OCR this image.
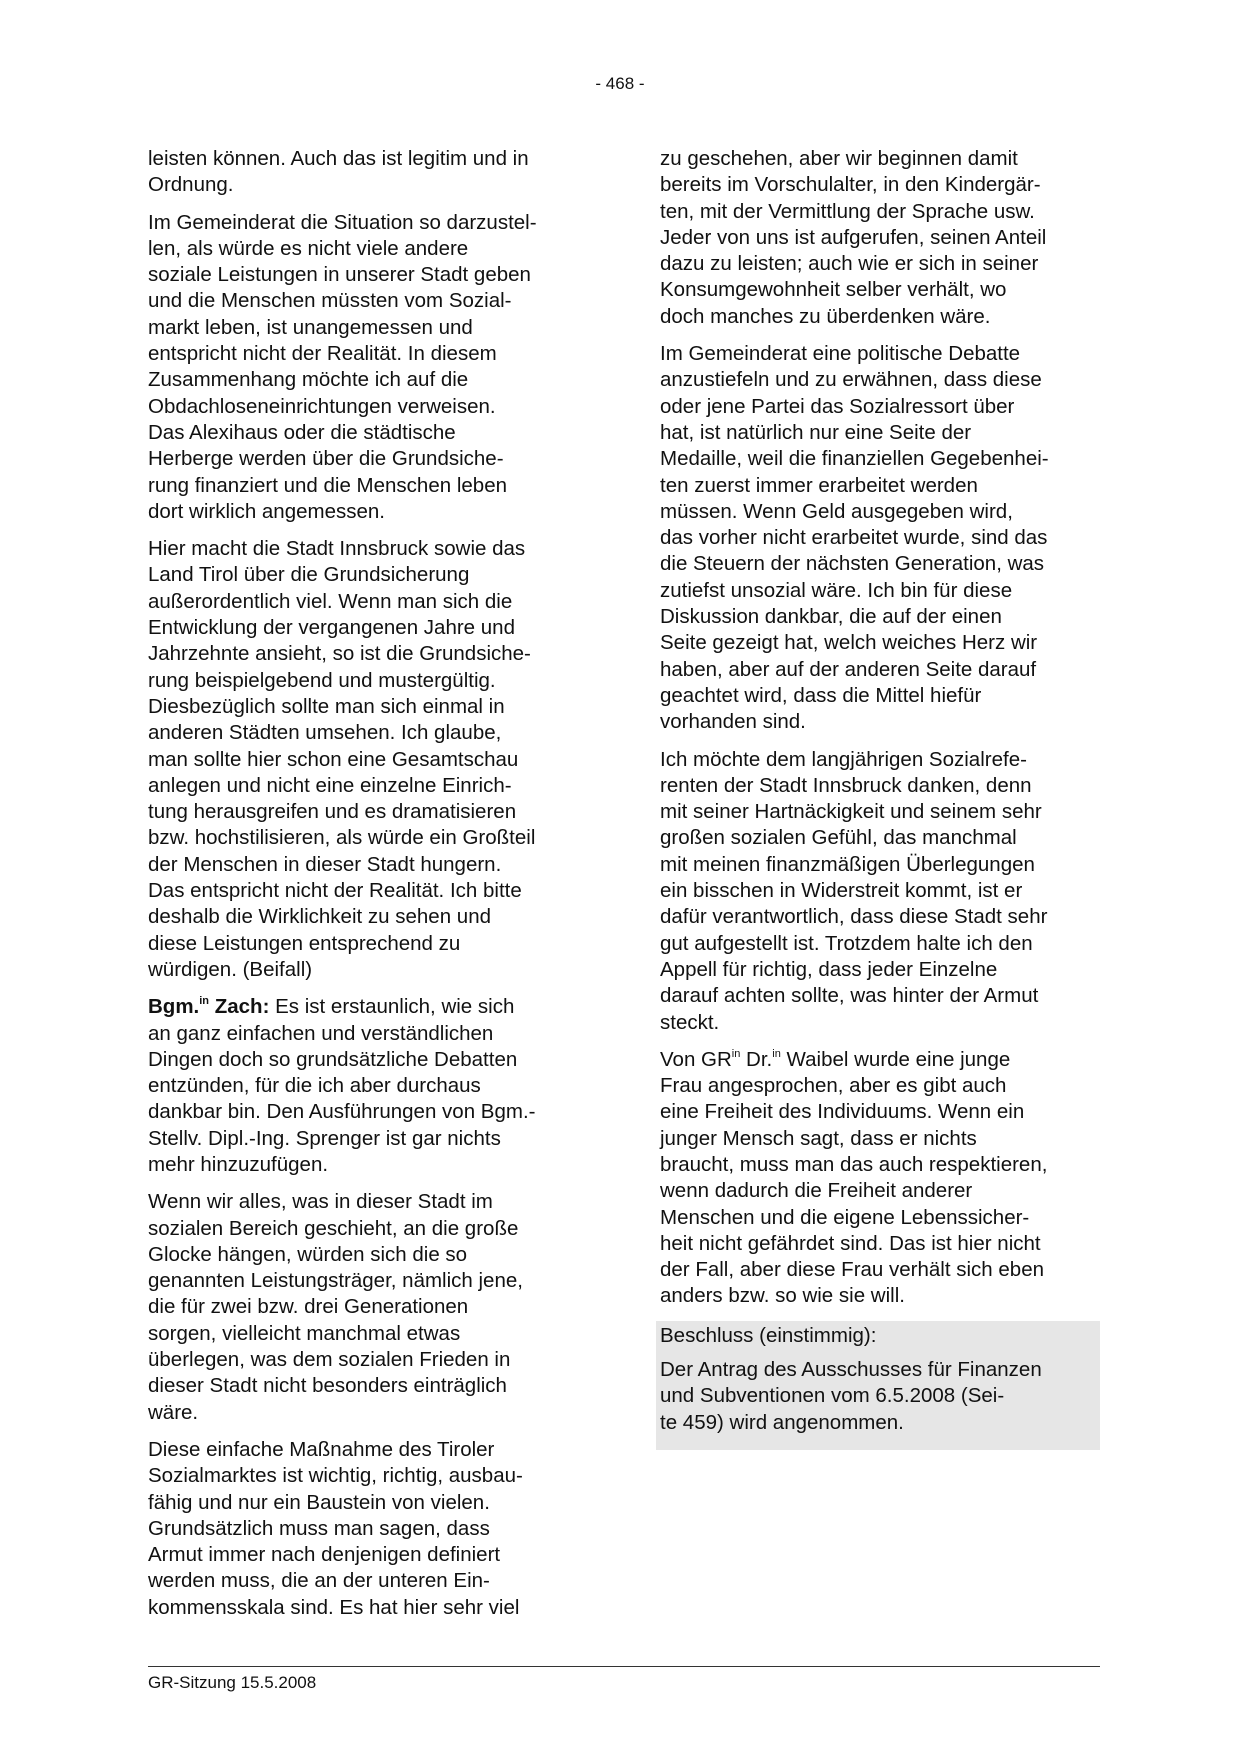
- 468 -

leisten können. Auch das ist legitim und in
Ordnung.

Im Gemeinderat die Situation so darzustel-
len, als würde es nicht viele andere
soziale Leistungen in unserer Stadt geben
und die Menschen müssten vom Sozial-
markt leben, ist unangemessen und
entspricht nicht der Realität. In diesem
Zusammenhang möchte ich auf die
Obdachloseneinrichtungen verweisen.
Das Alexihaus oder die städtische
Herberge werden über die Grundsiche-
rung finanziert und die Menschen leben
dort wirklich angemessen.

Hier macht die Stadt Innsbruck sowie das
Land Tirol über die Grundsicherung
außerordentlich viel. Wenn man sich die
Entwicklung der vergangenen Jahre und
Jahrzehnte ansieht, so ist die Grundsiche-
rung beispielgebend und mustergültig.
Diesbezüglich sollte man sich einmal in
anderen Städten umsehen. Ich glaube,
man sollte hier schon eine Gesamtschau
anlegen und nicht eine einzelne Einrich-
tung herausgreifen und es dramatisieren
bzw. hochstilisieren, als würde ein Großteil
der Menschen in dieser Stadt hungern.
Das entspricht nicht der Realität. Ich bitte
deshalb die Wirklichkeit zu sehen und
diese Leistungen entsprechend zu
würdigen. (Beifall)

Bgm.$^{in}$ Zach: Es ist erstaunlich, wie sich
an ganz einfachen und verständlichen
Dingen doch so grundsätzliche Debatten
entzünden, für die ich aber durchaus
dankbar bin. Den Ausführungen von Bgm.-
Stellv. Dipl.-Ing. Sprenger ist gar nichts
mehr hinzuzufügen.

Wenn wir alles, was in dieser Stadt im
sozialen Bereich geschieht, an die große
Glocke hängen, würden sich die so
genannten Leistungsträger, nämlich jene,
die für zwei bzw. drei Generationen
sorgen, vielleicht manchmal etwas
überlegen, was dem sozialen Frieden in
dieser Stadt nicht besonders einträglich
wäre.

Diese einfache Maßnahme des Tiroler
Sozialmarktes ist wichtig, richtig, ausbau-
fähig und nur ein Baustein von vielen.
Grundsätzlich muss man sagen, dass
Armut immer nach denjenigen definiert
werden muss, die an der unteren Ein-
kommensskala sind. Es hat hier sehr viel

zu geschehen, aber wir beginnen damit
bereits im Vorschulalter, in den Kindergär-
ten, mit der Vermittlung der Sprache usw.
Jeder von uns ist aufgerufen, seinen Anteil
dazu zu leisten; auch wie er sich in seiner
Konsumgewohnheit selber verhält, wo
doch manches zu überdenken wäre.

Im Gemeinderat eine politische Debatte
anzustiefeln und zu erwähnen, dass diese
oder jene Partei das Sozialressort über
hat, ist natürlich nur eine Seite der
Medaille, weil die finanziellen Gegebenhei-
ten zuerst immer erarbeitet werden
müssen. Wenn Geld ausgegeben wird,
das vorher nicht erarbeitet wurde, sind das
die Steuern der nächsten Generation, was
zutiefst unsozial wäre. Ich bin für diese
Diskussion dankbar, die auf der einen
Seite gezeigt hat, welch weiches Herz wir
haben, aber auf der anderen Seite darauf
geachtet wird, dass die Mittel hiefür
vorhanden sind.

Ich möchte dem langjährigen Sozialrefe-
renten der Stadt Innsbruck danken, denn
mit seiner Hartnäckigkeit und seinem sehr
großen sozialen Gefühl, das manchmal
mit meinen finanzmäßigen Überlegungen
ein bisschen in Widerstreit kommt, ist er
dafür verantwortlich, dass diese Stadt sehr
gut aufgestellt ist. Trotzdem halte ich den
Appell für richtig, dass jeder Einzelne
darauf achten sollte, was hinter der Armut
steckt.

Von $GR^{in}$ Dr.$^{in}$ Waibel wurde eine junge
Frau angesprochen, aber es gibt auch
eine Freiheit des Individuums. Wenn ein
junger Mensch sagt, dass er nichts
braucht, muss man das auch respektieren,
wenn dadurch die Freiheit anderer
Menschen und die eigene Lebenssicher-
heit nicht gefährdet sind. Das ist hier nicht
der Fall, aber diese Frau verhält sich eben
anders bzw. so wie sie will.

Beschluss (einstimmig):

Der Antrag des Ausschusses für Finanzen
und Subventionen vom 6.5.2008 (Sei-
te 459) wird angenommen.

GR-Sitzung 15.5.2008
